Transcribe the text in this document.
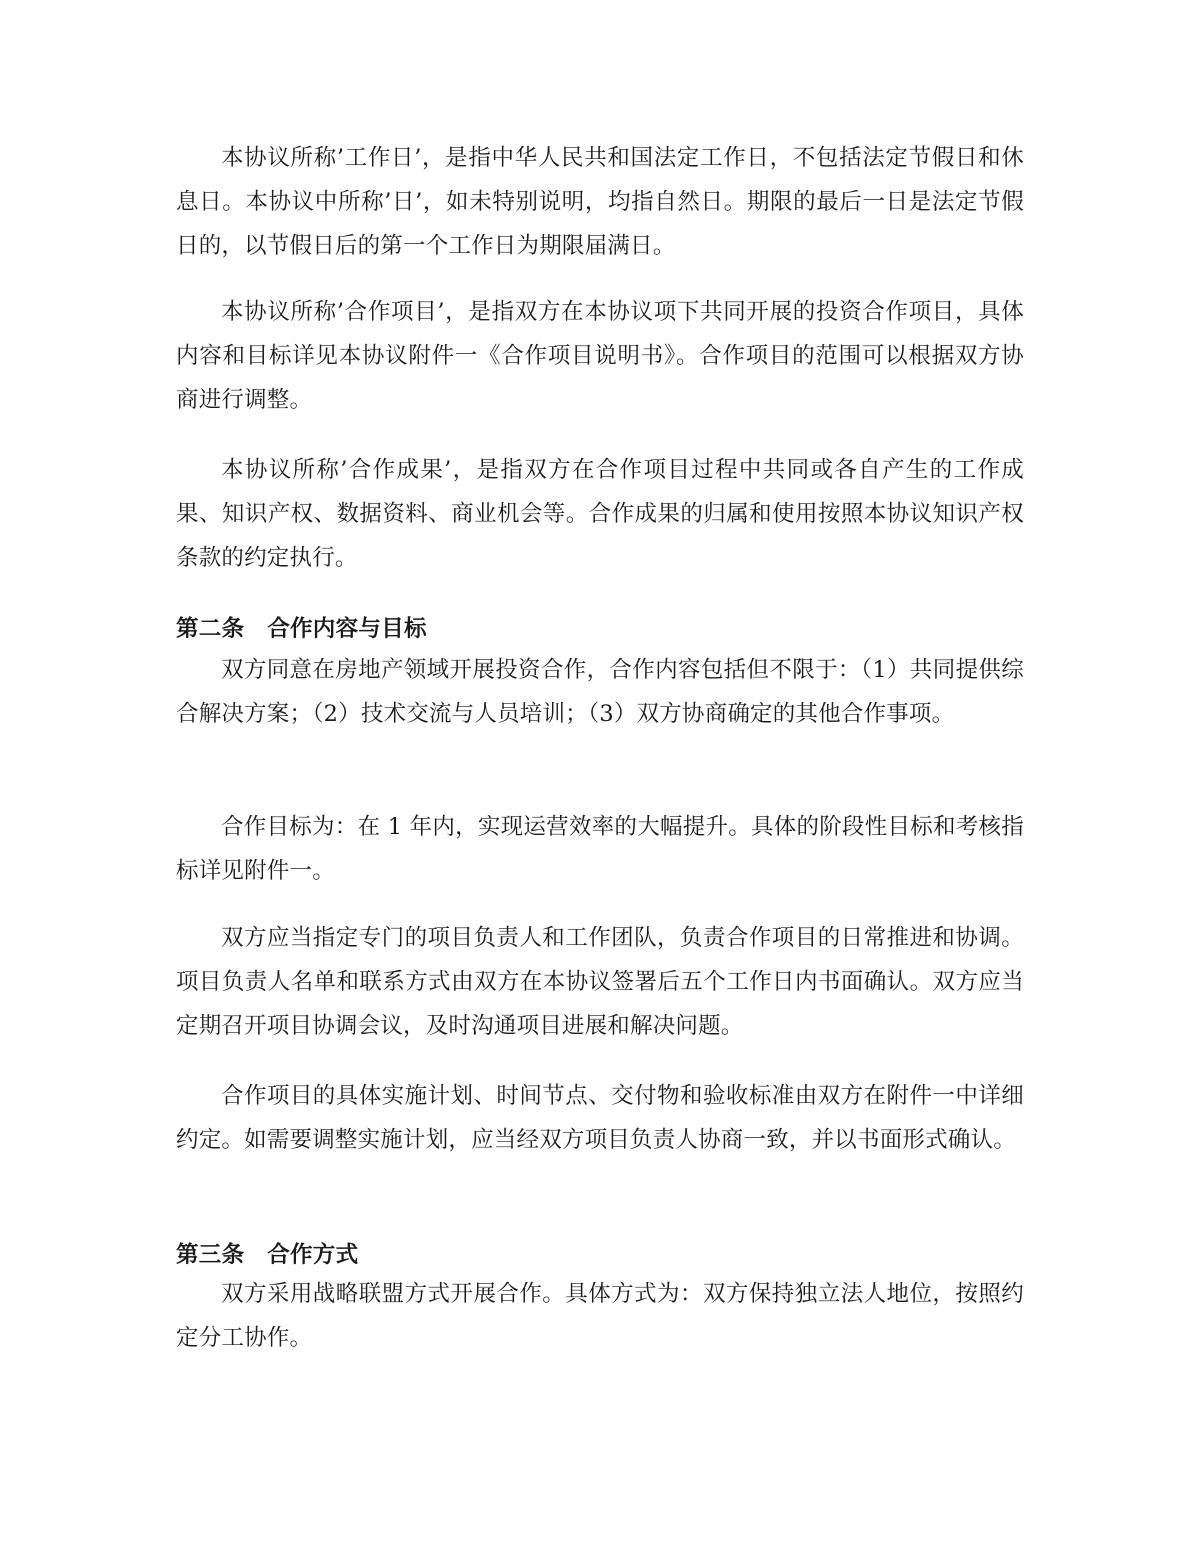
本协议所称’工作日’，是指中华人民共和国法定工作日，不包括法定节假日和休息日。本协议中所称’日’，如未特别说明，均指自然日。期限的最后一日是法定节假日的，以节假日后的第一个工作日为期限届满日。

本协议所称’合作项目’，是指双方在本协议项下共同开展的投资合作项目，具体内容和目标详见本协议附件一《合作项目说明书》。合作项目的范围可以根据双方协商进行调整。

本协议所称’合作成果’，是指双方在合作项目过程中共同或各自产生的工作成果、知识产权、数据资料、商业机会等。合作成果的归属和使用按照本协议知识产权条款的约定执行。

第二条　合作内容与目标

双方同意在房地产领域开展投资合作，合作内容包括但不限于：（1）共同提供综合解决方案；（2）技术交流与人员培训；（3）双方协商确定的其他合作事项。

合作目标为：在 1 年内，实现运营效率的大幅提升。具体的阶段性目标和考核指标详见附件一。

双方应当指定专门的项目负责人和工作团队，负责合作项目的日常推进和协调。项目负责人名单和联系方式由双方在本协议签署后五个工作日内书面确认。双方应当定期召开项目协调会议，及时沟通项目进展和解决问题。

合作项目的具体实施计划、时间节点、交付物和验收标准由双方在附件一中详细约定。如需要调整实施计划，应当经双方项目负责人协商一致，并以书面形式确认。

第三条　合作方式

双方采用战略联盟方式开展合作。具体方式为：双方保持独立法人地位，按照约定分工协作。
